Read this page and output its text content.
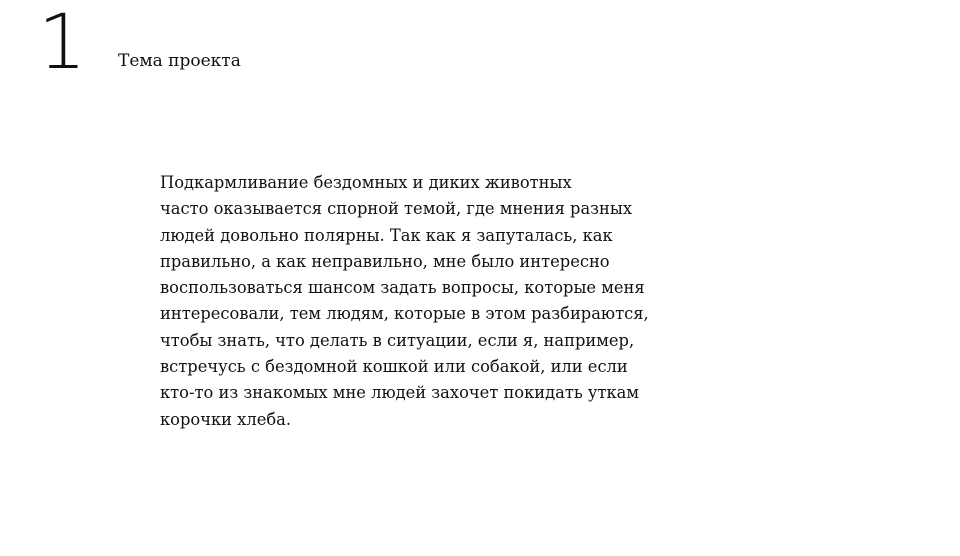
1 Тема проекта
Подкармливание бездомных и диких животных
часто оказывается спорной темой, где мнения разных
людей довольно полярны. Так как я запуталась, как
правильно, а как неправильно, мне было интересно
воспользоваться шансом задать вопросы, которые меня
интересовали, тем людям, которые в этом разбираются,
чтобы знать, что делать в ситуации, если я, например,
встречусь с бездомной кошкой или собакой, или если
кто-то из знакомых мне людей захочет покидать уткам
корочки хлеба.
